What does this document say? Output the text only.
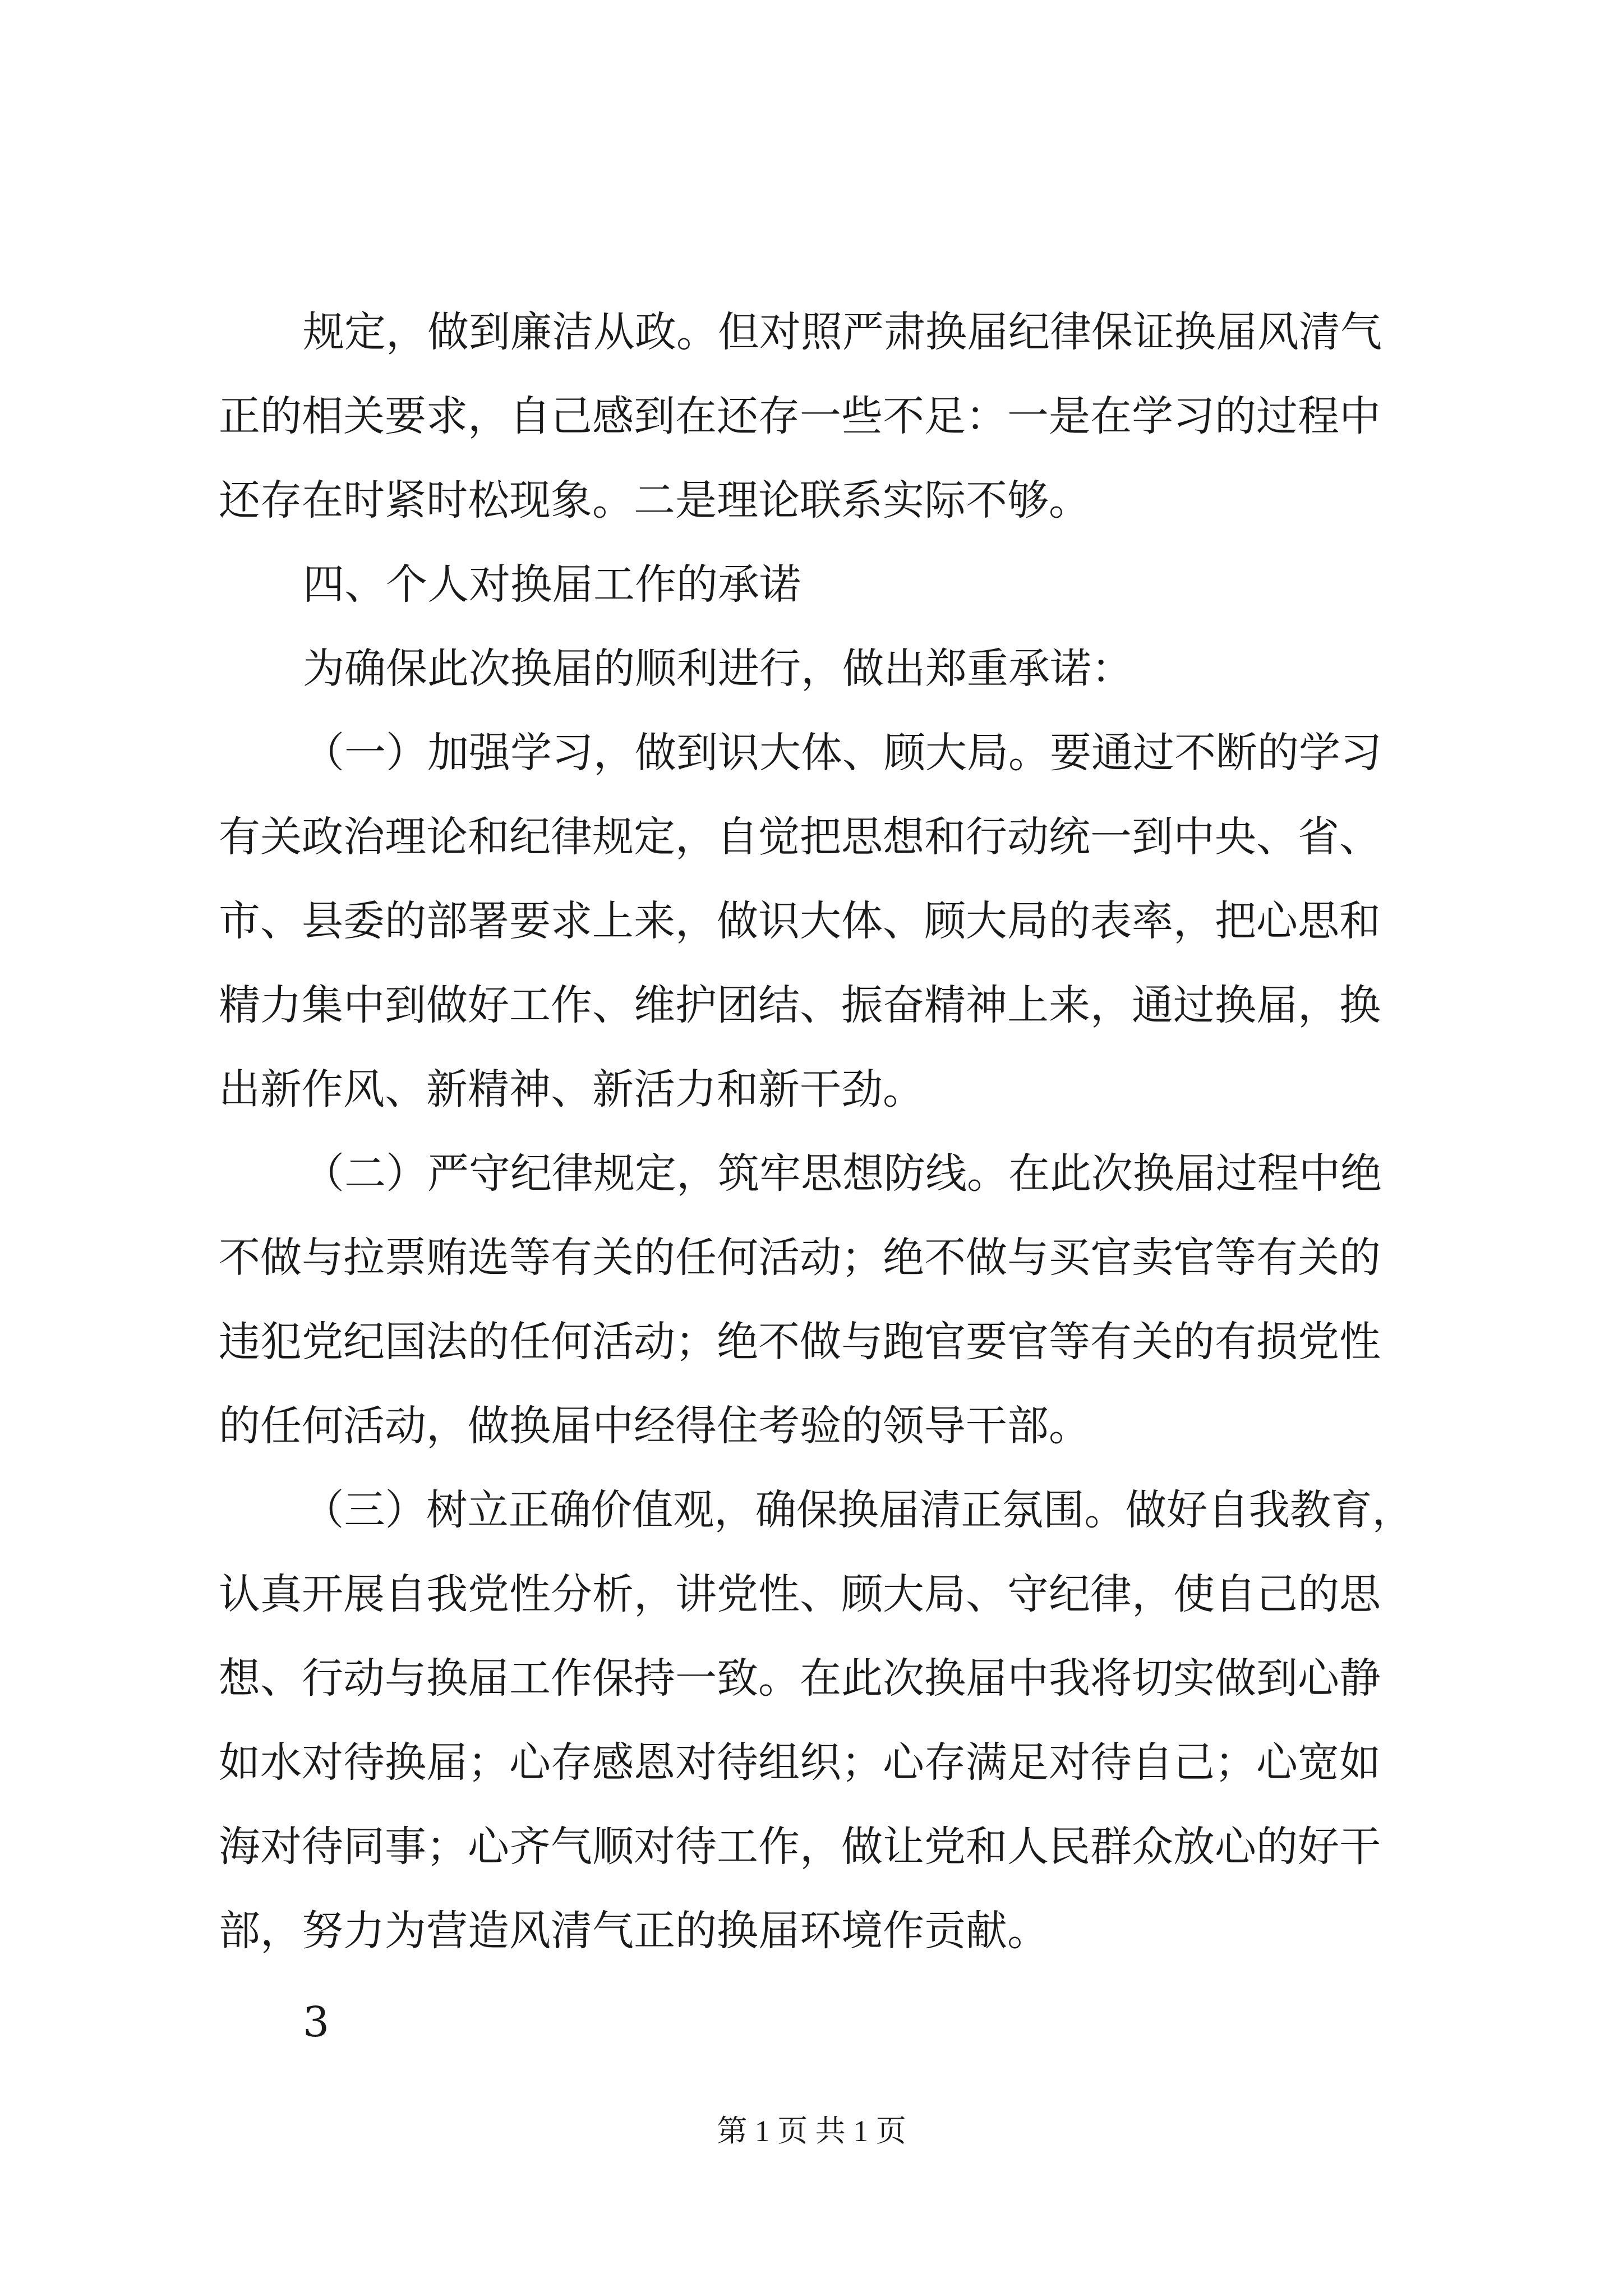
规定，做到廉洁从政。但对照严肃换届纪律保证换届风清气
正的相关要求，自己感到在还存一些不足：一是在学习的过程中
还存在时紧时松现象。二是理论联系实际不够。
四、个人对换届工作的承诺
为确保此次换届的顺利进行，做出郑重承诺：
（一）加强学习，做到识大体、顾大局。要通过不断的学习
有关政治理论和纪律规定，自觉把思想和行动统一到中央、省、
市、县委的部署要求上来，做识大体、顾大局的表率，把心思和
精力集中到做好工作、维护团结、振奋精神上来，通过换届，换
出新作风、新精神、新活力和新干劲。
（二）严守纪律规定，筑牢思想防线。在此次换届过程中绝
不做与拉票贿选等有关的任何活动；绝不做与买官卖官等有关的
违犯党纪国法的任何活动；绝不做与跑官要官等有关的有损党性
的任何活动，做换届中经得住考验的领导干部。
（三）树立正确价值观，确保换届清正氛围。做好自我教育，
认真开展自我党性分析，讲党性、顾大局、守纪律，使自己的思
想、行动与换届工作保持一致。在此次换届中我将切实做到心静
如水对待换届；心存感恩对待组织；心存满足对待自己；心宽如
海对待同事；心齐气顺对待工作，做让党和人民群众放心的好干
部，努力为营造风清气正的换届环境作贡献。
3
第 1 页 共 1 页
